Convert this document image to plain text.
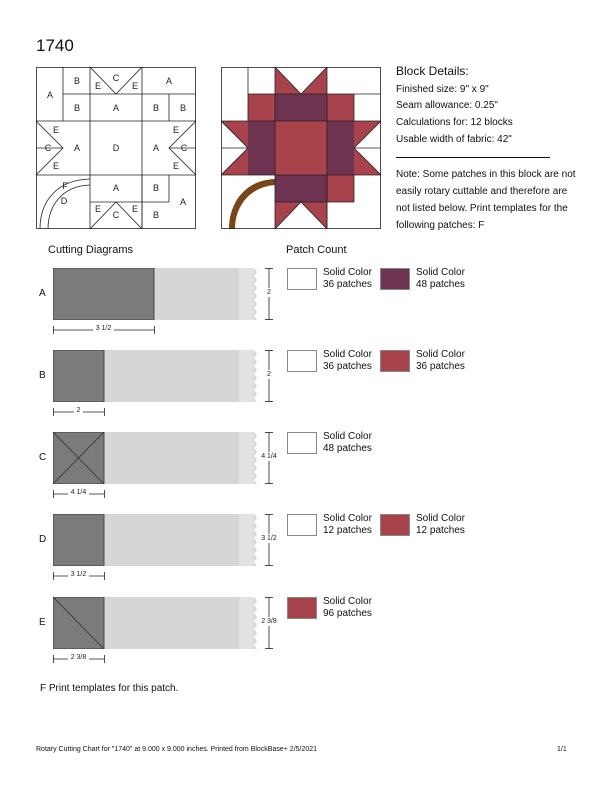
1740
A
B	C
E	E	A
B	A	B B
E
C
E
A	D	A C
E
E
F
D
A	B
A
E	E
C	B
Block Details:
Finished size: 9" x 9"
Seam allowance: 0.25"
Calculations for: 12 blocks
Usable width of fabric: 42"
Note: Some patches in this block are not easily rotary cuttable and therefore are not listed below. Print templates for the following patches: F
Cutting Diagrams	Patch Count
A
3 1/2
2
Solid Color
36 patches
Solid Color
48 patches
B
2
2
Solid Color
36 patches
Solid Color
36 patches
C
4 1/4
4 1/4
Solid Color
48 patches
D
3 1/2
3 1/2
Solid Color
12 patches
Solid Color
12 patches
E
2 3/8
2 3/8
Solid Color
96 patches
F Print templates for this patch.
Rotary Cutting Chart for "1740" at 9.000 x 9.000 inches. Printed from BlockBase+ 2/5/2021	1/1
